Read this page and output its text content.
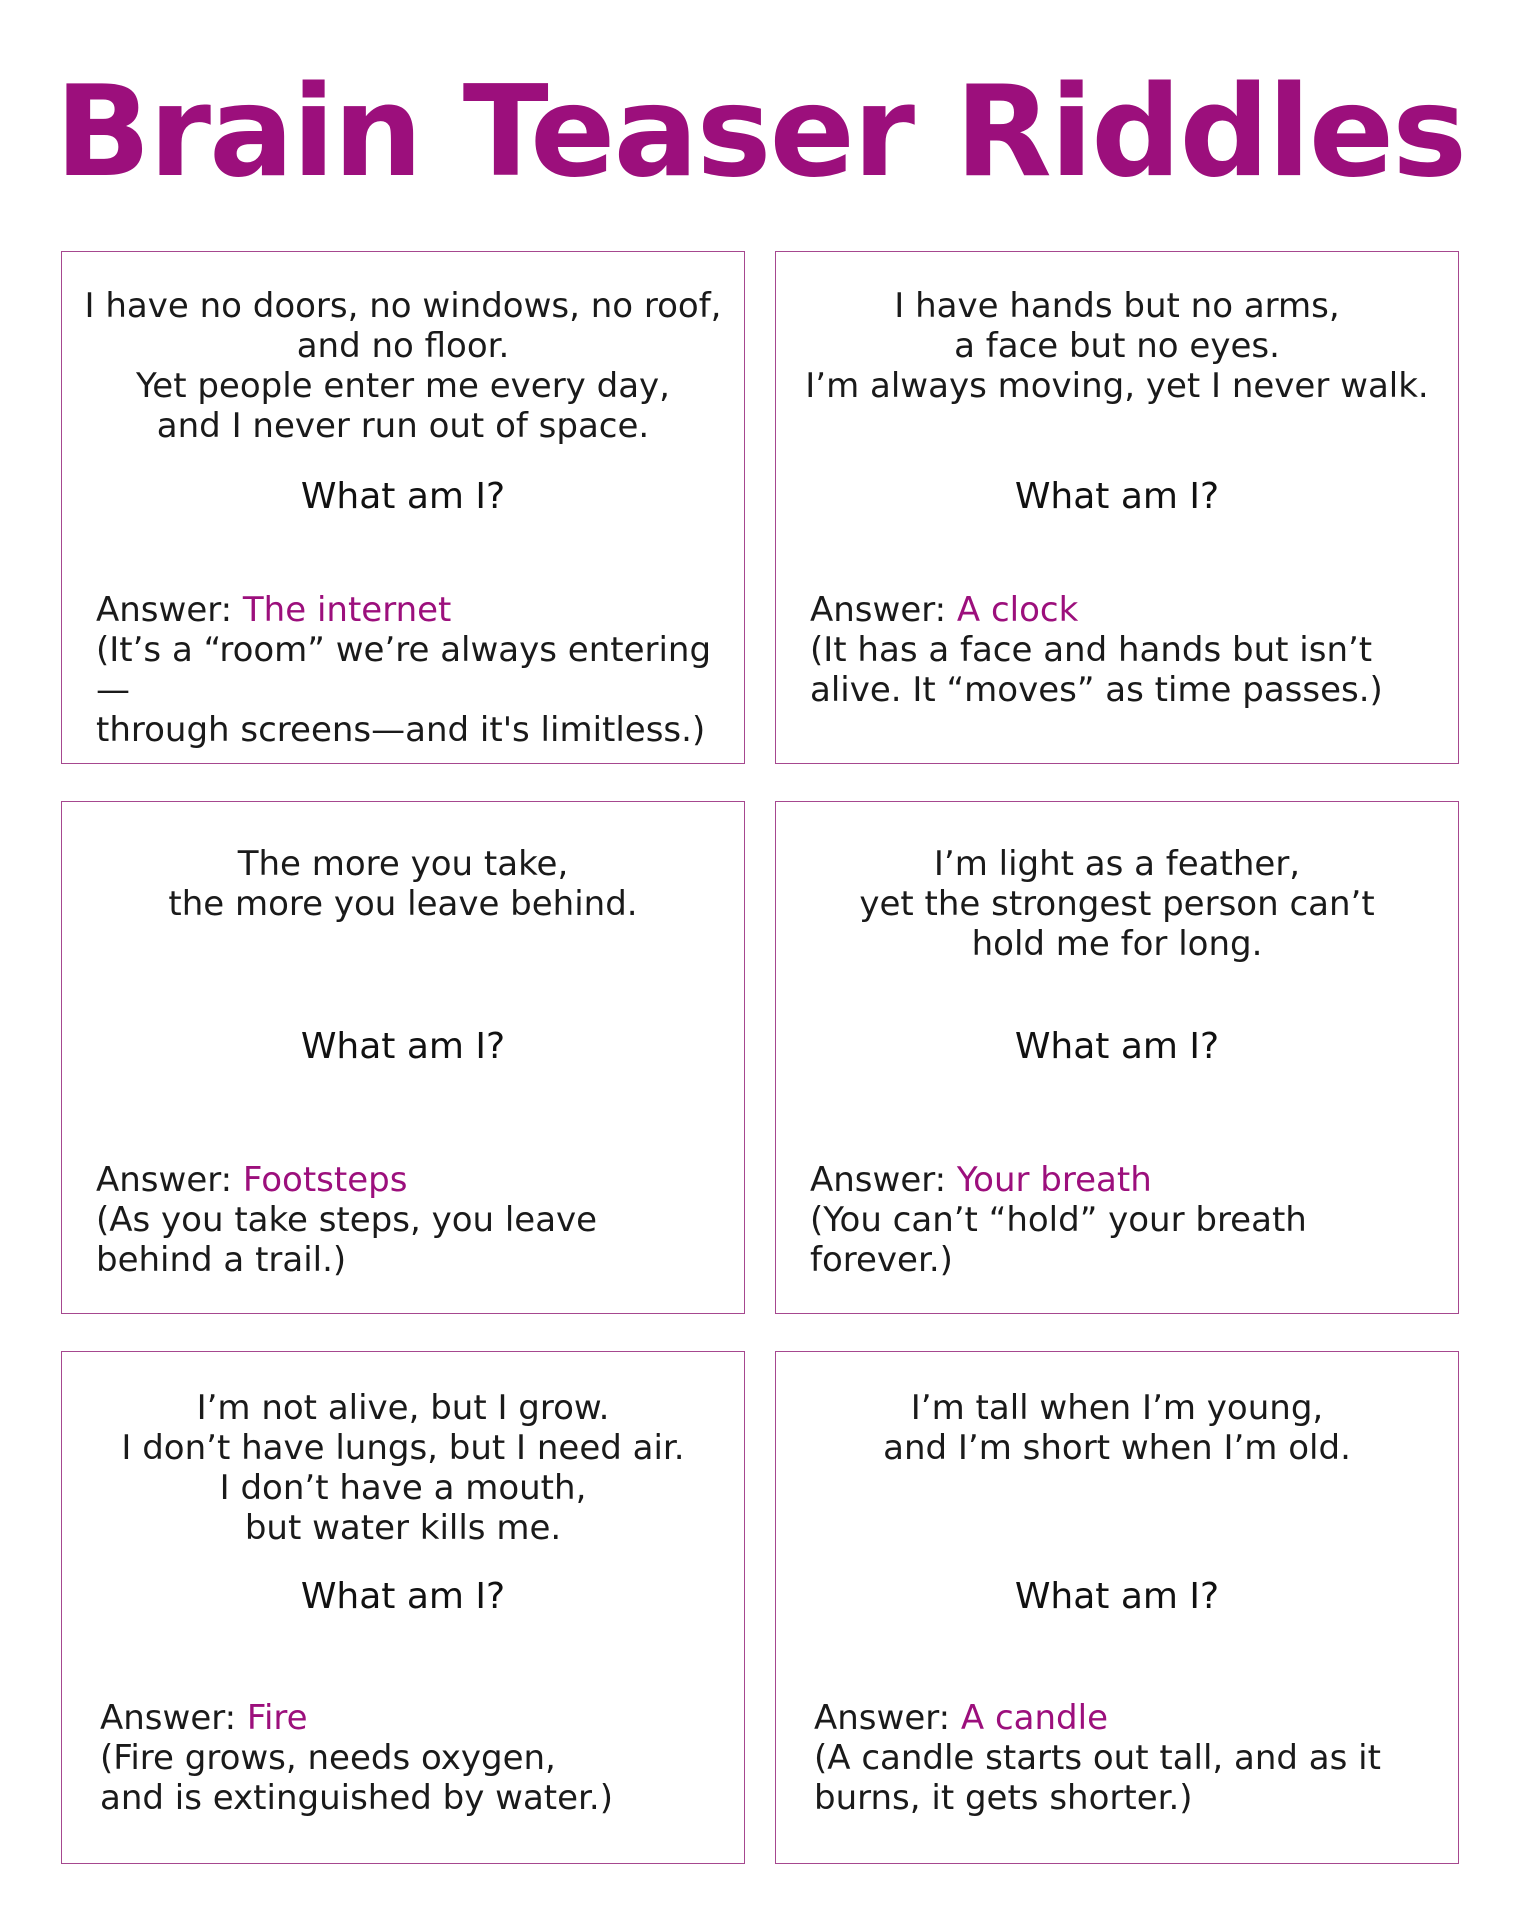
Brain Teaser Riddles

I have no doors, no windows, no roof,
and no floor.
Yet people enter me every day,
and I never run out of space.

What am I?

Answer: The internet
(It’s a “room” we’re always entering—
through screens—and it's limitless.)

I have hands but no arms,
a face but no eyes.
I’m always moving, yet I never walk.

What am I?

Answer: A clock
(It has a face and hands but isn’t
alive. It “moves” as time passes.)

The more you take,
the more you leave behind.

What am I?

Answer: Footsteps
(As you take steps, you leave
behind a trail.)

I’m light as a feather,
yet the strongest person can’t
hold me for long.

What am I?

Answer: Your breath
(You can’t “hold” your breath
forever.)

I’m not alive, but I grow.
I don’t have lungs, but I need air.
I don’t have a mouth,
but water kills me.

What am I?

Answer: Fire
(Fire grows, needs oxygen,
and is extinguished by water.)

I’m tall when I’m young,
and I’m short when I’m old.

What am I?

Answer: A candle
(A candle starts out tall, and as it
burns, it gets shorter.)
